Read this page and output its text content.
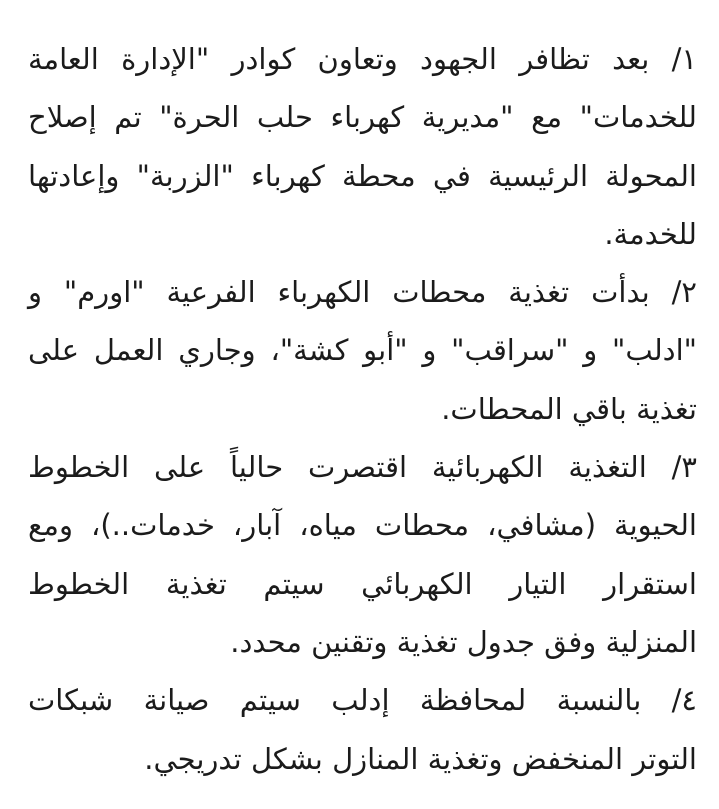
١/ بعد تظافر الجهود وتعاون كوادر "الإدارة العامة
للخدمات" مع "مديرية كهرباء حلب الحرة" تم إصلاح
المحولة الرئيسية في محطة كهرباء "الزربة" وإعادتها
للخدمة.
٢/ بدأت تغذية محطات الكهرباء الفرعية "اورم" و
"ادلب" و "سراقب" و "أبو كشة"، وجاري العمل على
تغذية باقي المحطات.
٣/ التغذية الكهربائية اقتصرت حالياً على الخطوط
الحيوية (مشافي، محطات مياه، آبار، خدمات..)، ومع
استقرار التيار الكهربائي سيتم تغذية الخطوط
المنزلية وفق جدول تغذية وتقنين محدد.
٤/ بالنسبة لمحافظة إدلب سيتم صيانة شبكات
التوتر المنخفض وتغذية المنازل بشكل تدريجي.
